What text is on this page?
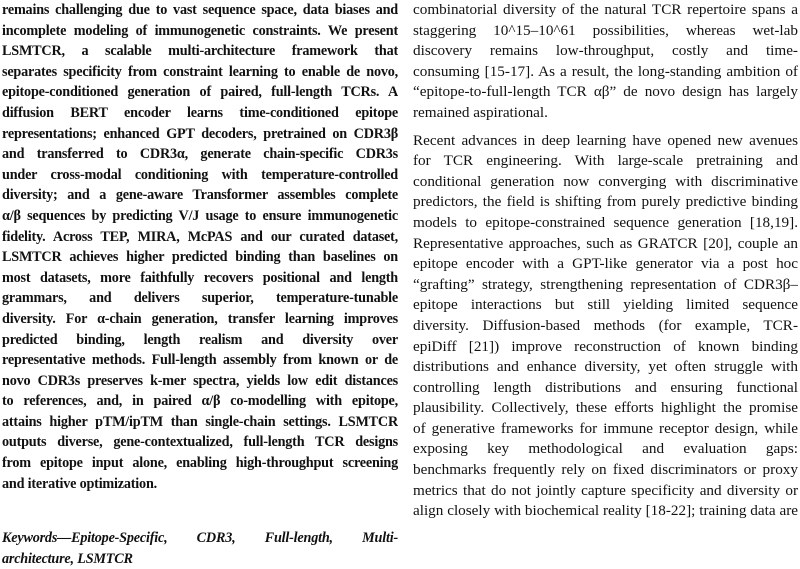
remains challenging due to vast sequence space, data biases and
incomplete modeling of immunogenetic constraints. We present
LSMTCR, a scalable multi-architecture framework that
separates specificity from constraint learning to enable de novo,
epitope-conditioned generation of paired, full-length TCRs. A
diffusion BERT encoder learns time-conditioned epitope
representations; enhanced GPT decoders, pretrained on CDR3β
and transferred to CDR3α, generate chain-specific CDR3s
under cross-modal conditioning with temperature-controlled
diversity; and a gene-aware Transformer assembles complete
α/β sequences by predicting V/J usage to ensure immunogenetic
fidelity. Across TEP, MIRA, McPAS and our curated dataset,
LSMTCR achieves higher predicted binding than baselines on
most datasets, more faithfully recovers positional and length
grammars, and delivers superior, temperature-tunable
diversity. For α-chain generation, transfer learning improves
predicted binding, length realism and diversity over
representative methods. Full-length assembly from known or de
novo CDR3s preserves k-mer spectra, yields low edit distances
to references, and, in paired α/β co-modelling with epitope,
attains higher pTM/ipTM than single-chain settings. LSMTCR
outputs diverse, gene-contextualized, full-length TCR designs
from epitope input alone, enabling high-throughput screening
and iterative optimization.
Keywords—Epitope-Specific, CDR3, Full-length, Multi-
architecture, LSMTCR
combinatorial diversity of the natural TCR repertoire spans a
staggering 10^15–10^61 possibilities, whereas wet-lab
discovery remains low-throughput, costly and time-
consuming [15-17]. As a result, the long-standing ambition of
“epitope-to-full-length TCR αβ” de novo design has largely
remained aspirational.
Recent advances in deep learning have opened new avenues
for TCR engineering. With large-scale pretraining and
conditional generation now converging with discriminative
predictors, the field is shifting from purely predictive binding
models to epitope-constrained sequence generation [18,19].
Representative approaches, such as GRATCR [20], couple an
epitope encoder with a GPT-like generator via a post hoc
“grafting” strategy, strengthening representation of CDR3β–
epitope interactions but still yielding limited sequence
diversity. Diffusion-based methods (for example, TCR-
epiDiff [21]) improve reconstruction of known binding
distributions and enhance diversity, yet often struggle with
controlling length distributions and ensuring functional
plausibility. Collectively, these efforts highlight the promise
of generative frameworks for immune receptor design, while
exposing key methodological and evaluation gaps:
benchmarks frequently rely on fixed discriminators or proxy
metrics that do not jointly capture specificity and diversity or
align closely with biochemical reality [18-22]; training data are
